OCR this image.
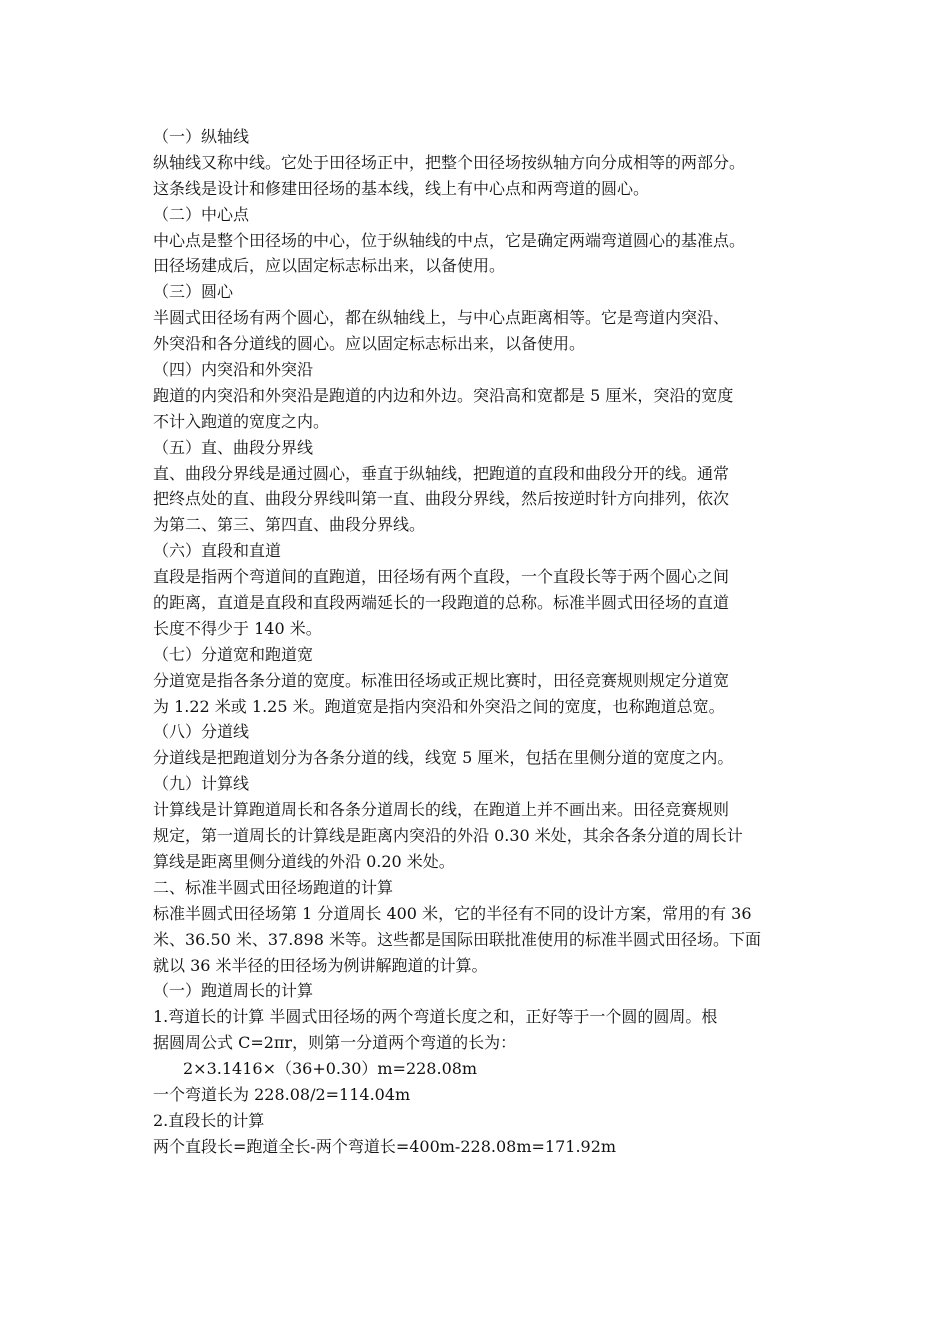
（一）纵轴线
纵轴线又称中线。它处于田径场正中，把整个田径场按纵轴方向分成相等的两部分。
这条线是设计和修建田径场的基本线，线上有中心点和两弯道的圆心。
（二）中心点
中心点是整个田径场的中心，位于纵轴线的中点，它是确定两端弯道圆心的基准点。
田径场建成后，应以固定标志标出来，以备使用。
（三）圆心
半圆式田径场有两个圆心，都在纵轴线上，与中心点距离相等。它是弯道内突沿、
外突沿和各分道线的圆心。应以固定标志标出来，以备使用。
（四）内突沿和外突沿
跑道的内突沿和外突沿是跑道的内边和外边。突沿高和宽都是 5 厘米，突沿的宽度
不计入跑道的宽度之内。
（五）直、曲段分界线
直、曲段分界线是通过圆心，垂直于纵轴线，把跑道的直段和曲段分开的线。通常
把终点处的直、曲段分界线叫第一直、曲段分界线，然后按逆时针方向排列，依次
为第二、第三、第四直、曲段分界线。
（六）直段和直道
直段是指两个弯道间的直跑道，田径场有两个直段，一个直段长等于两个圆心之间
的距离，直道是直段和直段两端延长的一段跑道的总称。标准半圆式田径场的直道
长度不得少于 140 米。
（七）分道宽和跑道宽
分道宽是指各条分道的宽度。标准田径场或正规比赛时，田径竞赛规则规定分道宽
为 1.22 米或 1.25 米。跑道宽是指内突沿和外突沿之间的宽度，也称跑道总宽。
（八）分道线
分道线是把跑道划分为各条分道的线，线宽 5 厘米，包括在里侧分道的宽度之内。
（九）计算线
计算线是计算跑道周长和各条分道周长的线，在跑道上并不画出来。田径竞赛规则
规定，第一道周长的计算线是距离内突沿的外沿 0.30 米处，其余各条分道的周长计
算线是距离里侧分道线的外沿 0.20 米处。
二、标准半圆式田径场跑道的计算
标准半圆式田径场第 1 分道周长 400 米，它的半径有不同的设计方案，常用的有 36
米、36.50 米、37.898 米等。这些都是国际田联批准使用的标准半圆式田径场。下面
就以 36 米半径的田径场为例讲解跑道的计算。
（一）跑道周长的计算
1.弯道长的计算 半圆式田径场的两个弯道长度之和，正好等于一个圆的圆周。根
据圆周公式 C=2πr，则第一分道两个弯道的长为：
2×3.1416×（36+0.30）m=228.08m
一个弯道长为 228.08/2=114.04m
2.直段长的计算
两个直段长=跑道全长-两个弯道长=400m-228.08m=171.92m
